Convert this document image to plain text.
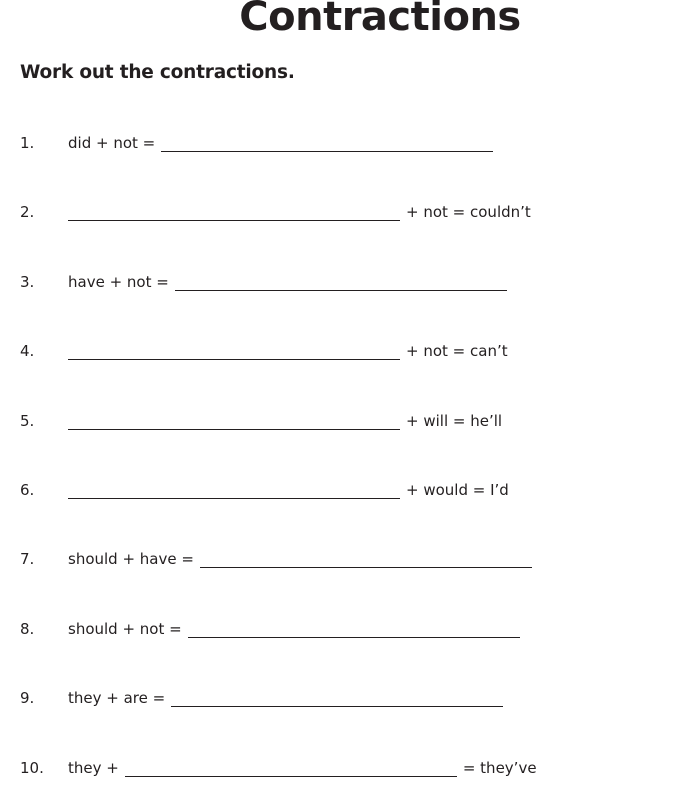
Contractions
Work out the contractions.
1. did + not =
2.	+ not = couldn’t
3. have + not =
4.	+ not = can’t
5.	+ will = he’ll
6.	+ would = I’d
7. should + have =
8. should + not =
9. they + are =
10. they +	= they’ve
